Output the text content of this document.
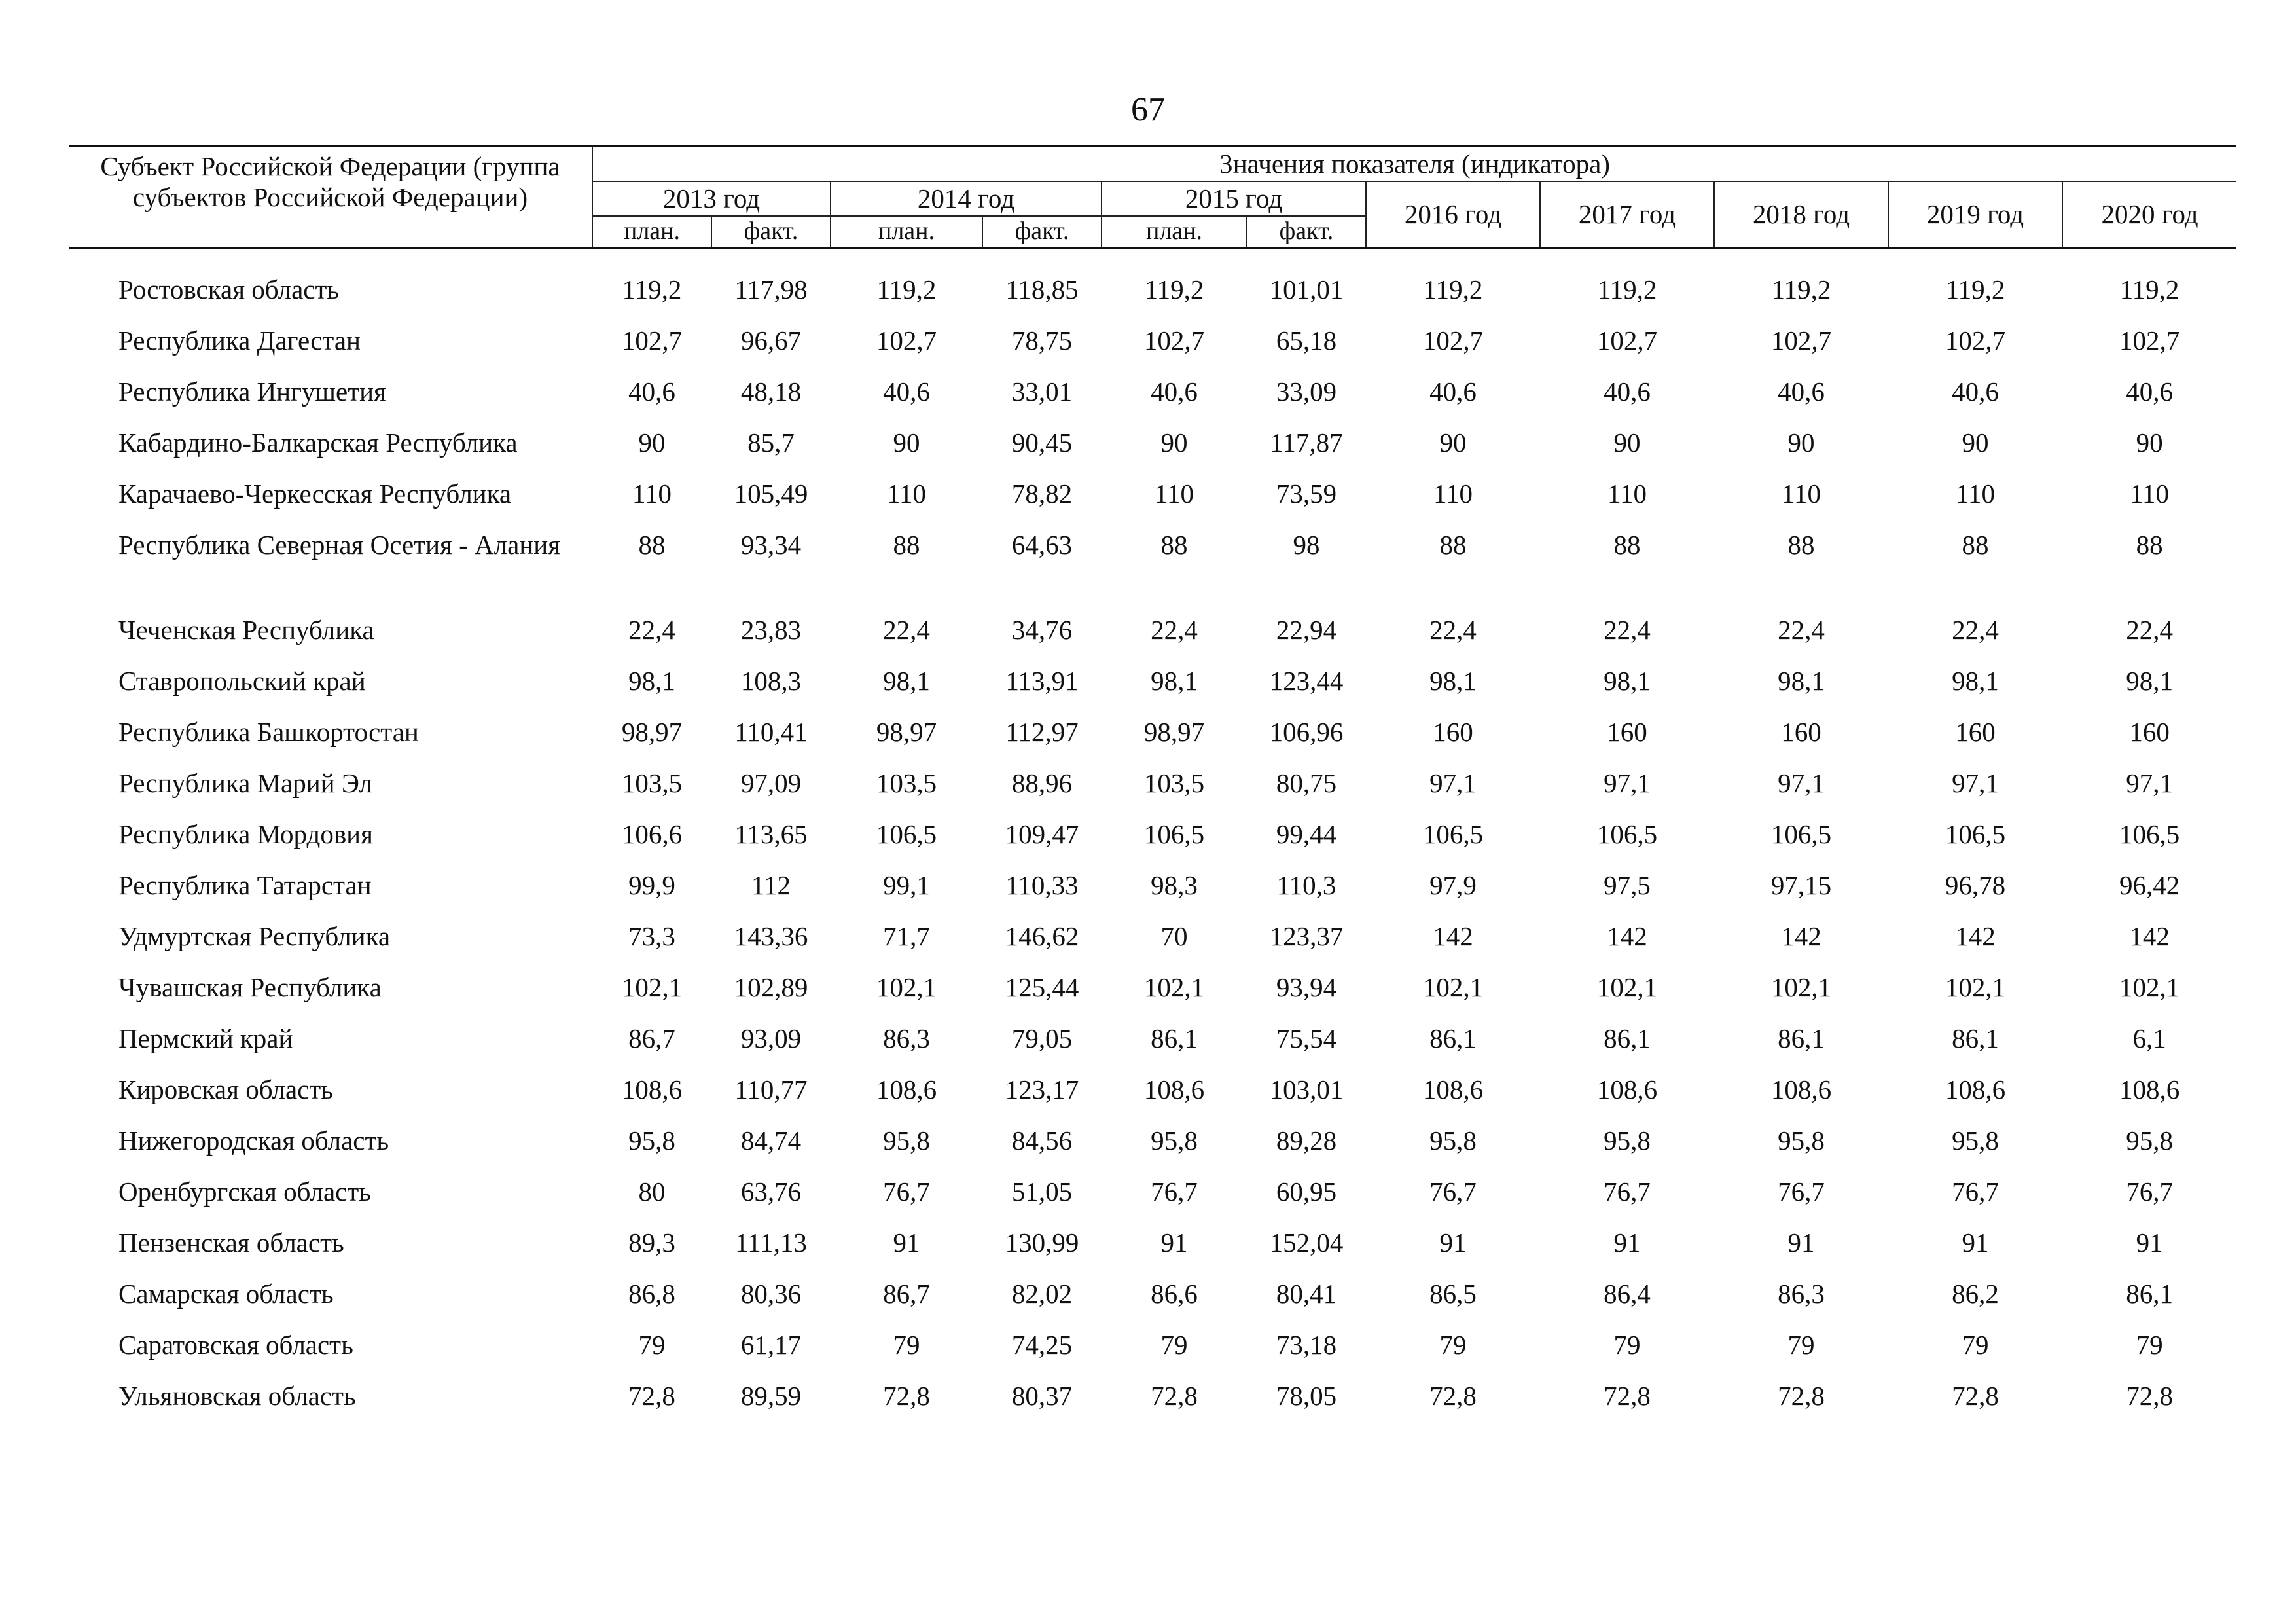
67
Субъект Российской Федерации (группа субъектов Российской Федерации)	Значения показателя (индикатора)										
	2013 год		2014 год		2015 год		2016 год	2017 год	2018 год	2019 год	2020 год
	план.	факт.	план.	факт.	план.	факт.					

Ростовская область	119,2	117,98	119,2	118,85	119,2	101,01	119,2	119,2	119,2	119,2	119,2
Республика Дагестан	102,7	96,67	102,7	78,75	102,7	65,18	102,7	102,7	102,7	102,7	102,7
Республика Ингушетия	40,6	48,18	40,6	33,01	40,6	33,09	40,6	40,6	40,6	40,6	40,6
Кабардино-Балкарская Республика	90	85,7	90	90,45	90	117,87	90	90	90	90	90
Карачаево-Черкесская Республика	110	105,49	110	78,82	110	73,59	110	110	110	110	110
Республика Северная Осетия - Алания	88	93,34	88	64,63	88	98	88	88	88	88	88
Чеченская Республика	22,4	23,83	22,4	34,76	22,4	22,94	22,4	22,4	22,4	22,4	22,4
Ставропольский край	98,1	108,3	98,1	113,91	98,1	123,44	98,1	98,1	98,1	98,1	98,1
Республика Башкортостан	98,97	110,41	98,97	112,97	98,97	106,96	160	160	160	160	160
Республика Марий Эл	103,5	97,09	103,5	88,96	103,5	80,75	97,1	97,1	97,1	97,1	97,1
Республика Мордовия	106,6	113,65	106,5	109,47	106,5	99,44	106,5	106,5	106,5	106,5	106,5
Республика Татарстан	99,9	112	99,1	110,33	98,3	110,3	97,9	97,5	97,15	96,78	96,42
Удмуртская Республика	73,3	143,36	71,7	146,62	70	123,37	142	142	142	142	142
Чувашская Республика	102,1	102,89	102,1	125,44	102,1	93,94	102,1	102,1	102,1	102,1	102,1
Пермский край	86,7	93,09	86,3	79,05	86,1	75,54	86,1	86,1	86,1	86,1	6,1
Кировская область	108,6	110,77	108,6	123,17	108,6	103,01	108,6	108,6	108,6	108,6	108,6
Нижегородская область	95,8	84,74	95,8	84,56	95,8	89,28	95,8	95,8	95,8	95,8	95,8
Оренбургская область	80	63,76	76,7	51,05	76,7	60,95	76,7	76,7	76,7	76,7	76,7
Пензенская область	89,3	111,13	91	130,99	91	152,04	91	91	91	91	91
Самарская область	86,8	80,36	86,7	82,02	86,6	80,41	86,5	86,4	86,3	86,2	86,1
Саратовская область	79	61,17	79	74,25	79	73,18	79	79	79	79	79
Ульяновская область	72,8	89,59	72,8	80,37	72,8	78,05	72,8	72,8	72,8	72,8	72,8
